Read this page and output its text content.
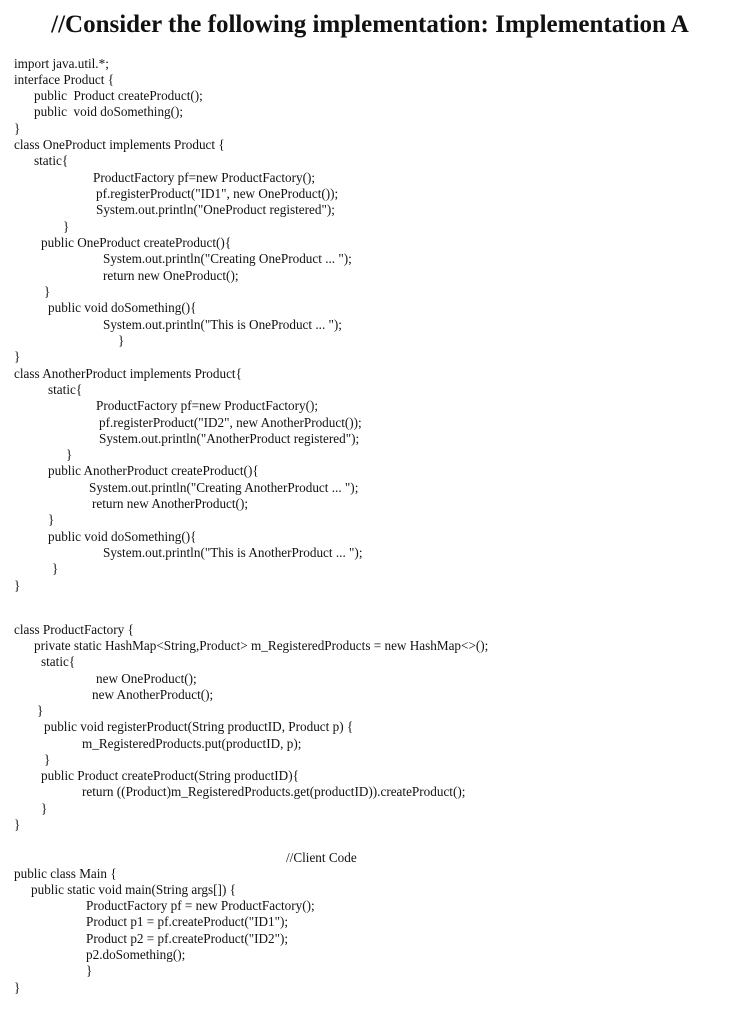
//Consider the following implementation: Implementation A
import java.util.*;
interface Product {
public  Product createProduct();
public  void doSomething();
}
class OneProduct implements Product {
static{
ProductFactory pf=new ProductFactory();
pf.registerProduct("ID1", new OneProduct());
System.out.println("OneProduct registered");
}
public OneProduct createProduct(){
System.out.println("Creating OneProduct ... ");
return new OneProduct();
}
public void doSomething(){
System.out.println("This is OneProduct ... ");
}
}
class AnotherProduct implements Product{
static{
ProductFactory pf=new ProductFactory();
pf.registerProduct("ID2", new AnotherProduct());
System.out.println("AnotherProduct registered");
}
public AnotherProduct createProduct(){
System.out.println("Creating AnotherProduct ... ");
return new AnotherProduct();
}
public void doSomething(){
System.out.println("This is AnotherProduct ... ");
}
}
class ProductFactory {
private static HashMap<String,Product> m_RegisteredProducts = new HashMap<>();
static{
new OneProduct();
new AnotherProduct();
}
public void registerProduct(String productID, Product p) {
m_RegisteredProducts.put(productID, p);
}
public Product createProduct(String productID){
return ((Product)m_RegisteredProducts.get(productID)).createProduct();
}
}
//Client Code
public class Main {
public static void main(String args[]) {
ProductFactory pf = new ProductFactory();
Product p1 = pf.createProduct("ID1");
Product p2 = pf.createProduct("ID2");
p2.doSomething();
}
}
